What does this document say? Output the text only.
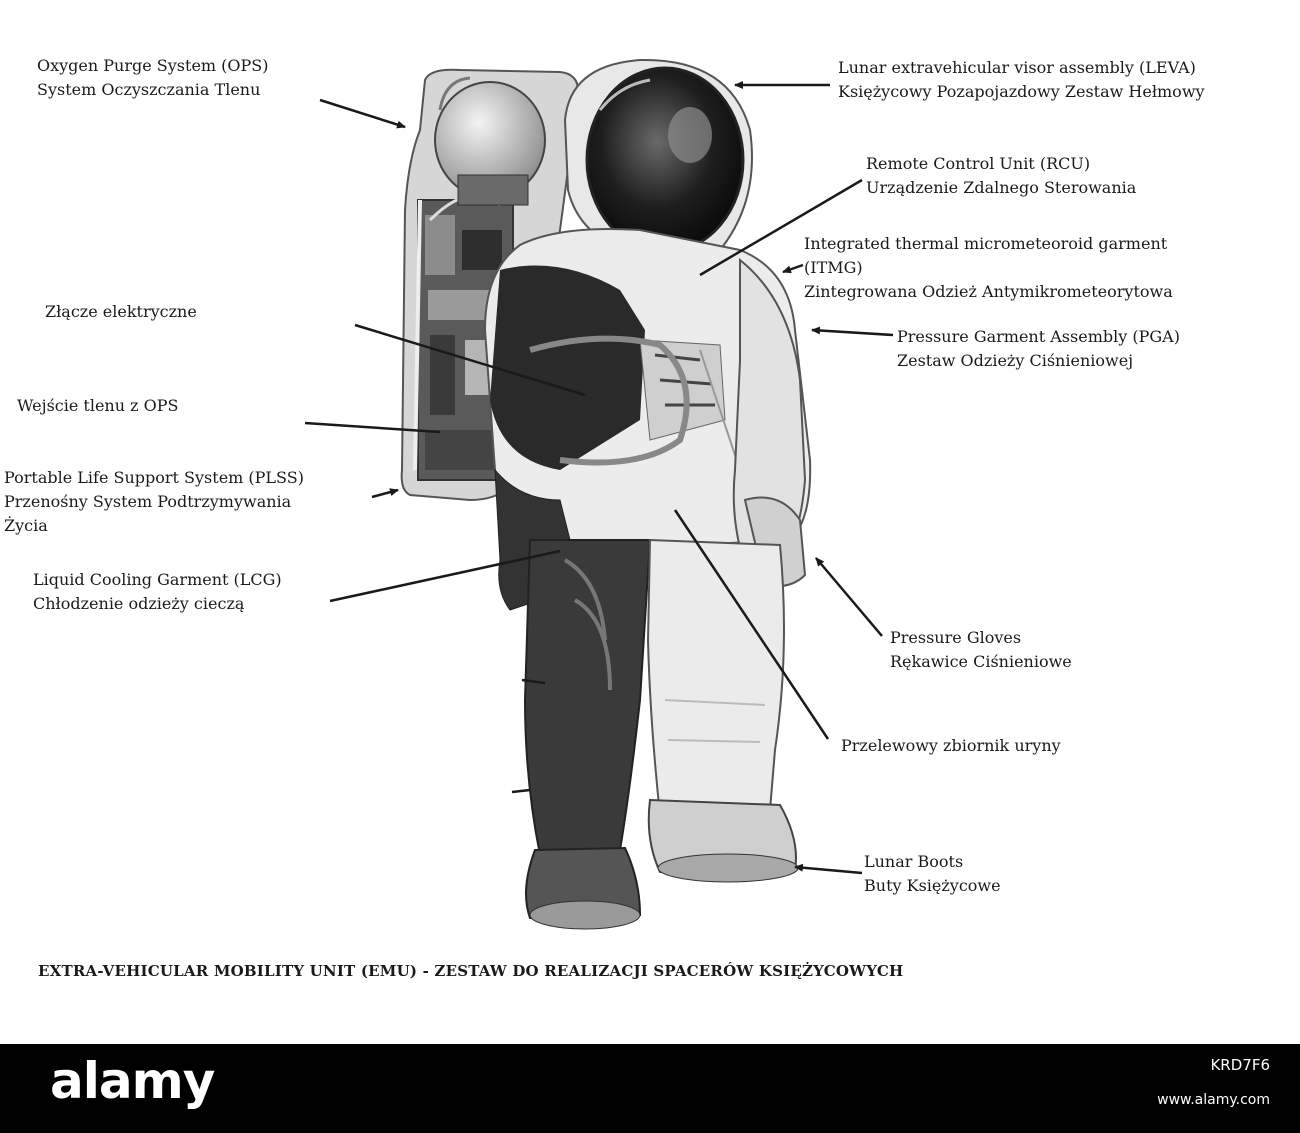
Oxygen Purge System (OPS)
System Oczyszczania Tlenu
Lunar extravehicular visor assembly (LEVA)
Księżycowy Pozapojazdowy Zestaw Hełmowy
Remote Control Unit (RCU)
Urządzenie Zdalnego Sterowania
Integrated thermal micrometeoroid garment
(ITMG)
Zintegrowana Odzież Antymikrometeorytowa
Złącze elektryczne
Pressure Garment Assembly (PGA)
Zestaw Odzieży Ciśnieniowej
Wejście tlenu z OPS
Portable Life Support System (PLSS)
Przenośny System Podtrzymywania
Życia
Liquid Cooling Garment (LCG)
Chłodzenie odzieży cieczą
Pressure Gloves
Rękawice Ciśnieniowe
Przelewowy zbiornik uryny
Lunar Boots
Buty Księżycowe
EXTRA-VEHICULAR MOBILITY UNIT (EMU) - ZESTAW DO REALIZACJI SPACERÓW KSIĘŻYCOWYCH
alamy	KRD7F6
www.alamy.com
